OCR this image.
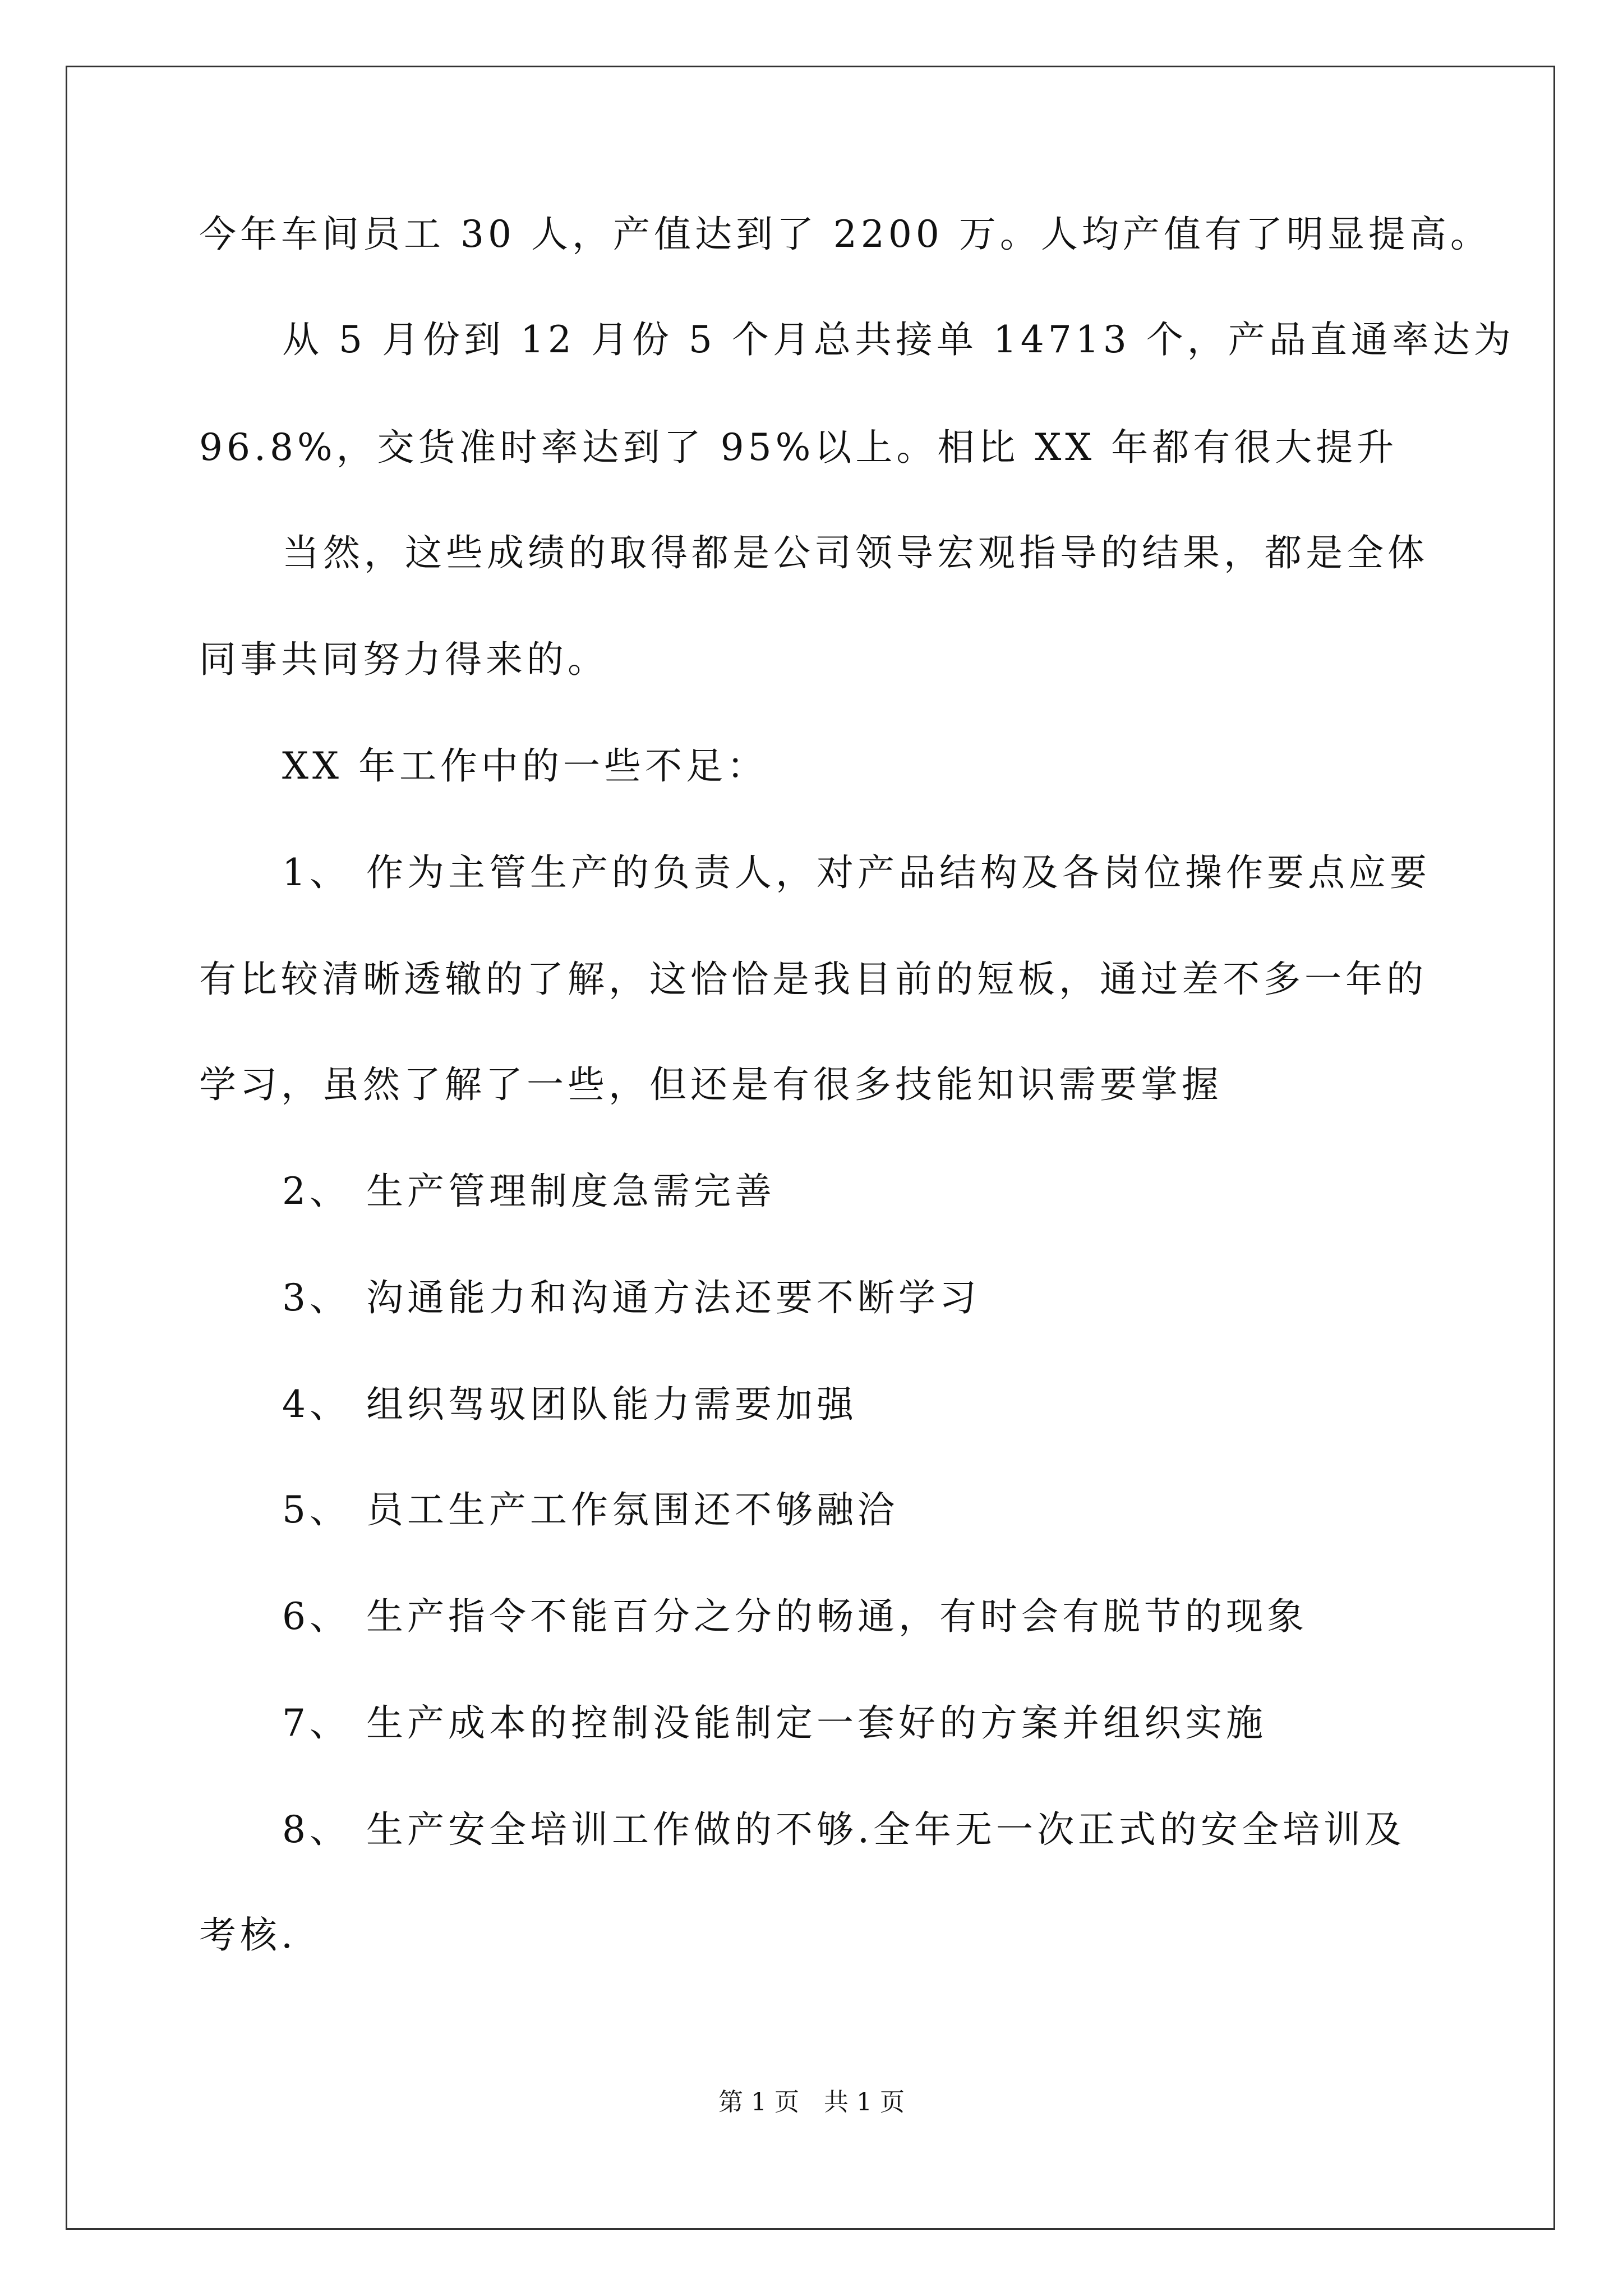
今年车间员工 30 人，产值达到了 2200 万。人均产值有了明显提高。
从 5 月份到 12 月份 5 个月总共接单 14713 个，产品直通率达为
96.8%，交货准时率达到了 95%以上。相比 XX 年都有很大提升
当然，这些成绩的取得都是公司领导宏观指导的结果，都是全体
同事共同努力得来的。
XX 年工作中的一些不足：
1、 作为主管生产的负责人，对产品结构及各岗位操作要点应要
有比较清晰透辙的了解，这恰恰是我目前的短板，通过差不多一年的
学习，虽然了解了一些，但还是有很多技能知识需要掌握
2、 生产管理制度急需完善
3、 沟通能力和沟通方法还要不断学习
4、 组织驾驭团队能力需要加强
5、 员工生产工作氛围还不够融洽
6、 生产指令不能百分之分的畅通，有时会有脱节的现象
7、 生产成本的控制没能制定一套好的方案并组织实施
8、 生产安全培训工作做的不够.全年无一次正式的安全培训及
考核.
第 1 页　共 1 页
